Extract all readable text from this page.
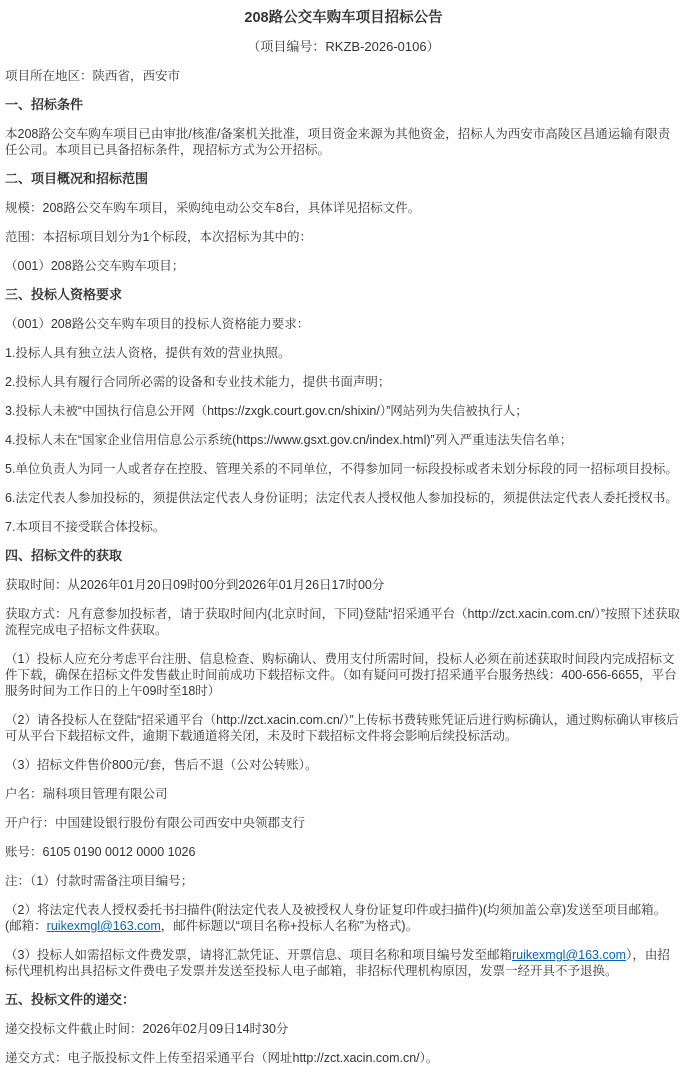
208路公交车购车项目招标公告

（项目编号：RKZB-2026-0106）

项目所在地区：陕西省，西安市

一、招标条件

本208路公交车购车项目已由审批/核准/备案机关批准，项目资金来源为其他资金，招标人为西安市高陵区昌通运输有限责任公司。本项目已具备招标条件，现招标方式为公开招标。

二、项目概况和招标范围

规模：208路公交车购车项目，采购纯电动公交车8台，具体详见招标文件。

范围：本招标项目划分为1个标段，本次招标为其中的：

（001）208路公交车购车项目；

三、投标人资格要求

（001）208路公交车购车项目的投标人资格能力要求：

1.投标人具有独立法人资格，提供有效的营业执照。

2.投标人具有履行合同所必需的设备和专业技术能力，提供书面声明；

3.投标人未被“中国执行信息公开网（https://zxgk.court.gov.cn/shixin/）”网站列为失信被执行人；

4.投标人未在“国家企业信用信息公示系统(https://www.gsxt.gov.cn/index.html)”列入严重违法失信名单；

5.单位负责人为同一人或者存在控股、管理关系的不同单位，不得参加同一标段投标或者未划分标段的同一招标项目投标。

6.法定代表人参加投标的，须提供法定代表人身份证明；法定代表人授权他人参加投标的，须提供法定代表人委托授权书。

7.本项目不接受联合体投标。

四、招标文件的获取

获取时间：从2026年01月20日09时00分到2026年01月26日17时00分

获取方式：凡有意参加投标者，请于获取时间内(北京时间，下同)登陆“招采通平台（http://zct.xacin.com.cn/）”按照下述获取流程完成电子招标文件获取。

（1）投标人应充分考虑平台注册、信息检查、购标确认、费用支付所需时间，投标人必须在前述获取时间段内完成招标文件下载，确保在招标文件发售截止时间前成功下载招标文件。（如有疑问可拨打招采通平台服务热线：400-656-6655，平台服务时间为工作日的上午09时至18时）

（2）请各投标人在登陆“招采通平台（http://zct.xacin.com.cn/）”上传标书费转账凭证后进行购标确认，通过购标确认审核后可从平台下载招标文件，逾期下载通道将关闭，未及时下载招标文件将会影响后续投标活动。

（3）招标文件售价800元/套，售后不退（公对公转账）。

户名：瑞科项目管理有限公司

开户行：中国建设银行股份有限公司西安中央领郡支行

账号：6105 0190 0012 0000 1026

注：（1）付款时需备注项目编号；

（2）将法定代表人授权委托书扫描件(附法定代表人及被授权人身份证复印件或扫描件)(均须加盖公章)发送至项目邮箱。(邮箱：ruikexmgl@163.com，邮件标题以“项目名称+投标人名称”为格式)。

（3）投标人如需招标文件费发票，请将汇款凭证、开票信息、项目名称和项目编号发至邮箱ruikexmgl@163.com），由招标代理机构出具招标文件费电子发票并发送至投标人电子邮箱，非招标代理机构原因，发票一经开具不予退换。

五、投标文件的递交：

递交投标文件截止时间：2026年02月09日14时30分

递交方式：电子版投标文件上传至招采通平台（网址http://zct.xacin.com.cn/）。
